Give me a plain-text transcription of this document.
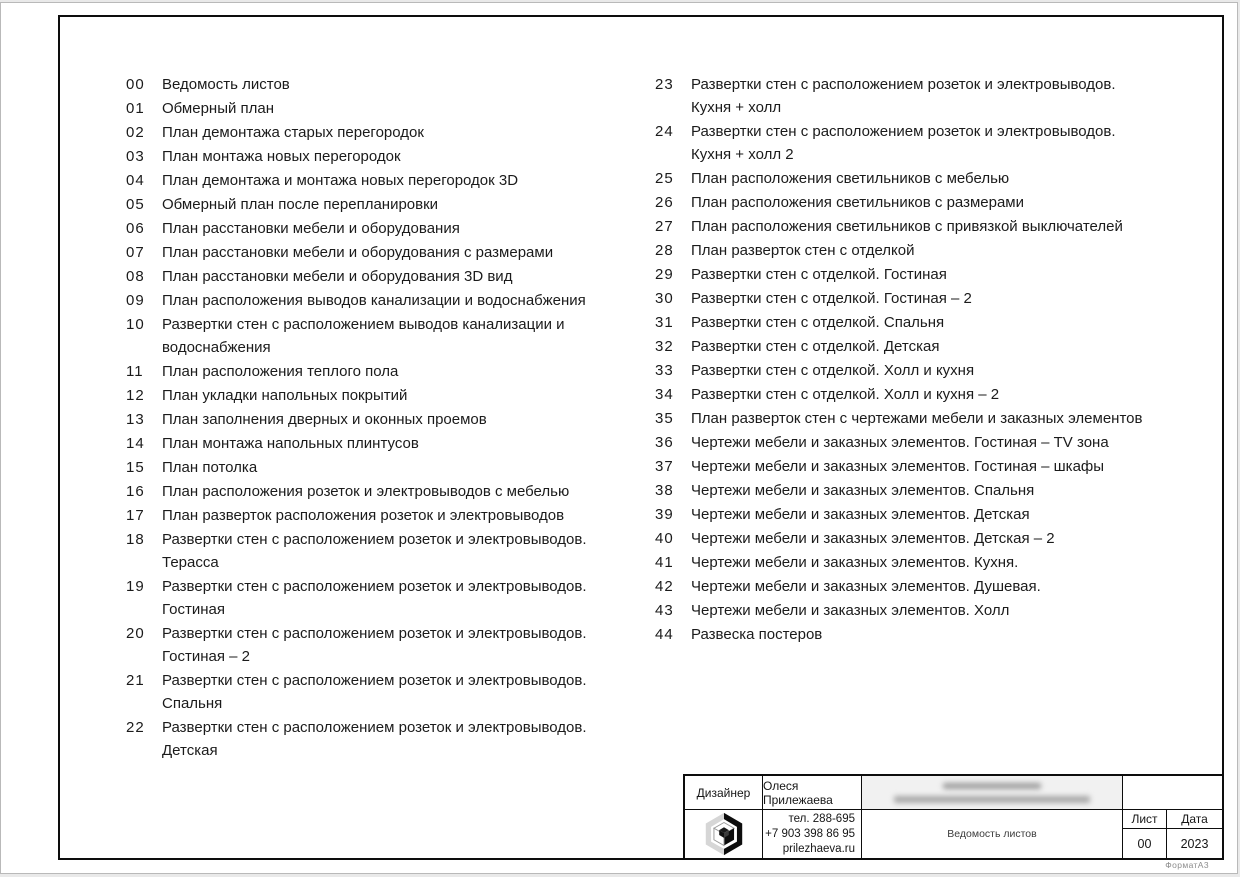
00	Ведомость листов
01	Обмерный план
02	План демонтажа старых перегородок
03	План монтажа новых перегородок
04	План демонтажа и монтажа новых перегородок 3D
05	Обмерный план после перепланировки
06	План расстановки мебели и оборудования
07	План расстановки мебели и оборудования с размерами
08	План расстановки мебели и оборудования 3D вид
09	План расположения выводов канализации и водоснабжения
10	Развертки стен с расположением выводов канализации и
водоснабжения
11	План расположения теплого пола
12	План укладки напольных покрытий
13	План заполнения дверных и оконных проемов
14	План монтажа напольных плинтусов
15	План потолка
16	План расположения розеток и электровыводов с мебелью
17	План разверток расположения розеток и электровыводов
18	Развертки стен с расположением розеток и электровыводов.
Терасса
19	Развертки стен с расположением розеток и электровыводов.
Гостиная
20	Развертки стен с расположением розеток и электровыводов.
Гостиная – 2
21	Развертки стен с расположением розеток и электровыводов.
Спальня
22	Развертки стен с расположением розеток и электровыводов.
Детская
23	Развертки стен с расположением розеток и электровыводов.
Кухня + холл
24	Развертки стен с расположением розеток и электровыводов.
Кухня + холл 2
25	План расположения светильников с мебелью
26	План расположения светильников с размерами
27	План расположения светильников с привязкой выключателей
28	План разверток стен с отделкой
29	Развертки стен с отделкой. Гостиная
30	Развертки стен с отделкой. Гостиная – 2
31	Развертки стен с отделкой. Спальня
32	Развертки стен с отделкой. Детская
33	Развертки стен с отделкой. Холл и кухня
34	Развертки стен с отделкой. Холл и кухня – 2
35	План разверток стен с чертежами мебели и заказных элементов
36	Чертежи мебели и заказных элементов. Гостиная – TV зона
37	Чертежи мебели и заказных элементов. Гостиная – шкафы
38	Чертежи мебели и заказных элементов. Спальня
39	Чертежи мебели и заказных элементов. Детская
40	Чертежи мебели и заказных элементов. Детская – 2
41	Чертежи мебели и заказных элементов. Кухня.
42	Чертежи мебели и заказных элементов. Душевая.
43	Чертежи мебели и заказных элементов. Холл
44	Развеска постеров
Дизайнер Олеся Прилежаева
тел. 288-695
+7 903 398 86 95
prilezhaeva.ru
Ведомость листов
Лист Дата
00 2023
ФорматА3
